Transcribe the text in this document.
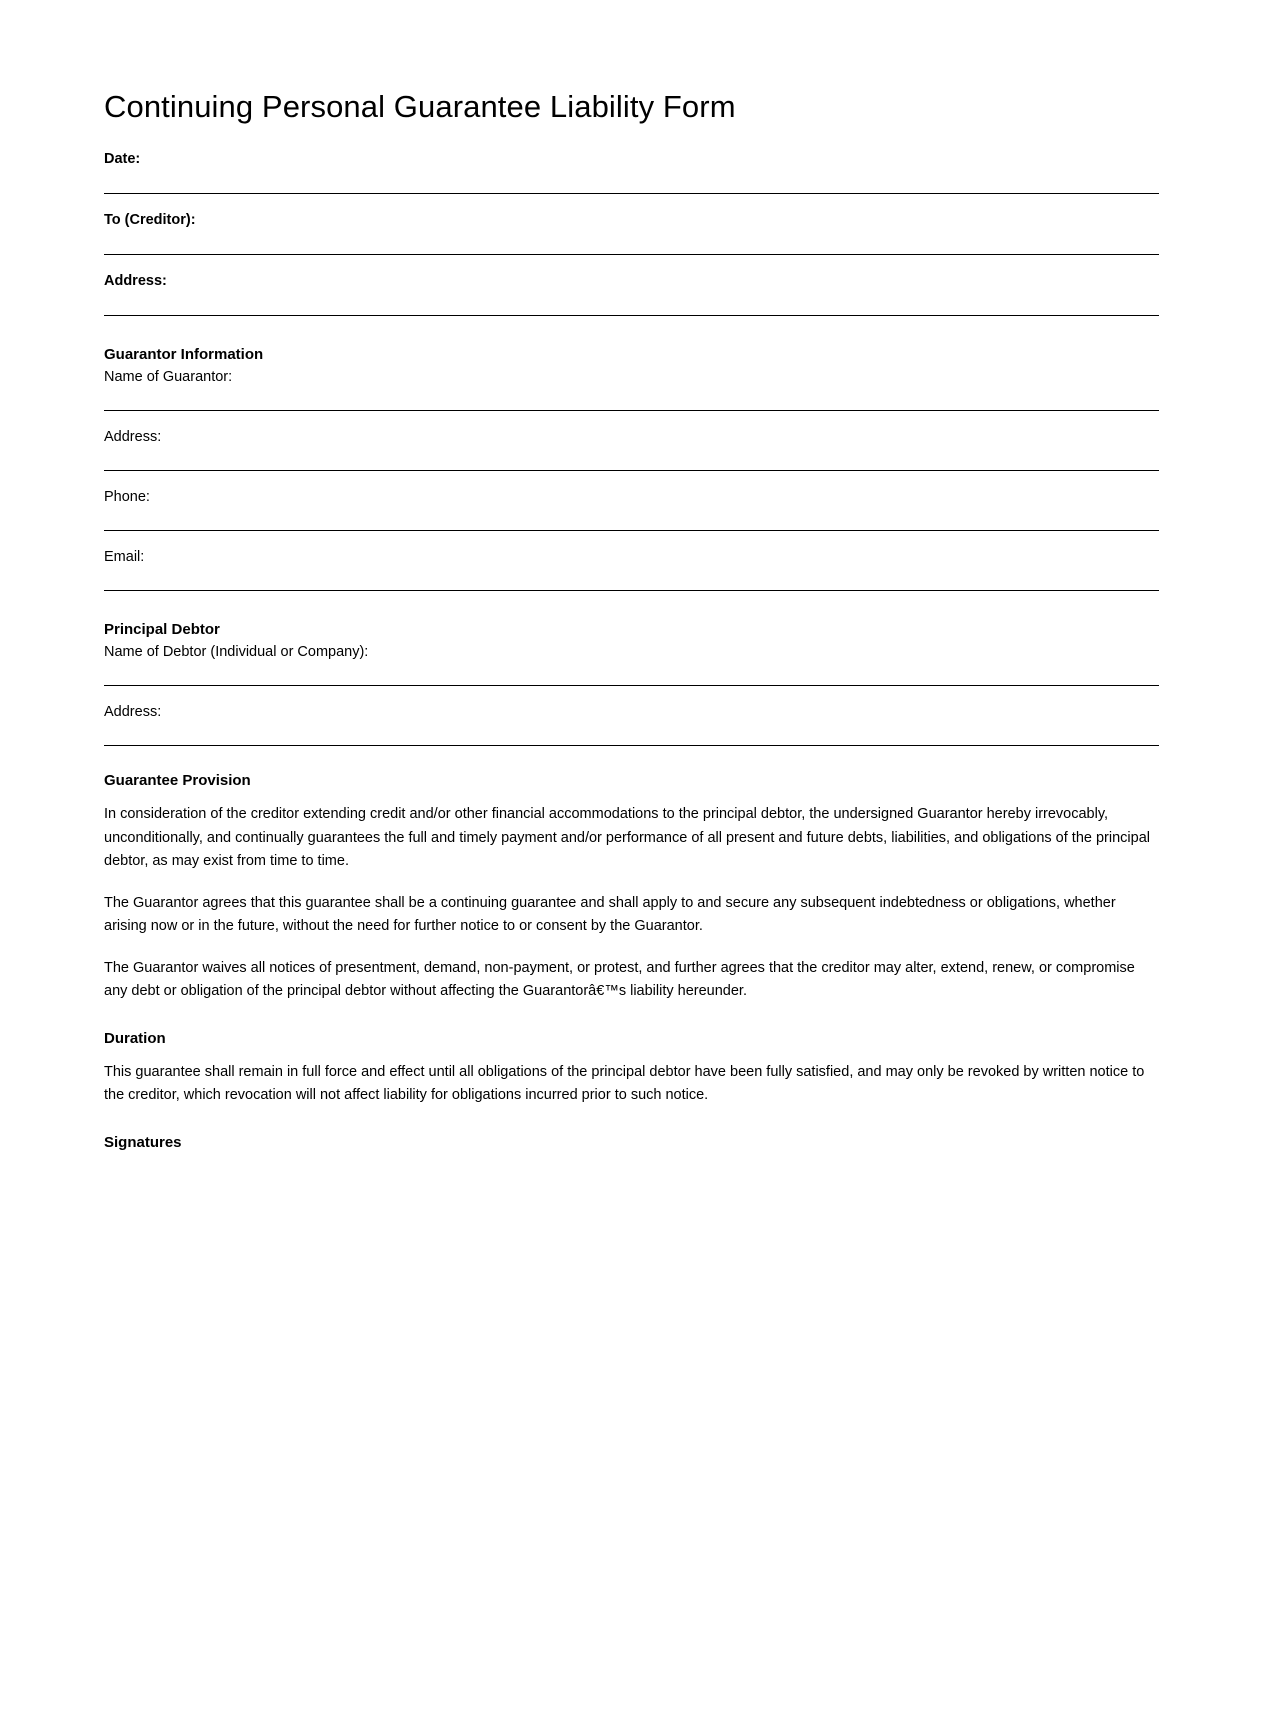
Continuing Personal Guarantee Liability Form
Date:
To (Creditor):
Address:
Guarantor Information
Name of Guarantor:
Address:
Phone:
Email:
Principal Debtor
Name of Debtor (Individual or Company):
Address:
Guarantee Provision

In consideration of the creditor extending credit and/or other financial accommodations to the principal debtor, the undersigned Guarantor hereby irrevocably, unconditionally, and continually guarantees the full and timely payment and/or performance of all present and future debts, liabilities, and obligations of the principal debtor, as may exist from time to time.

The Guarantor agrees that this guarantee shall be a continuing guarantee and shall apply to and secure any subsequent indebtedness or obligations, whether arising now or in the future, without the need for further notice to or consent by the Guarantor.

The Guarantor waives all notices of presentment, demand, non-payment, or protest, and further agrees that the creditor may alter, extend, renew, or compromise any debt or obligation of the principal debtor without affecting the Guarantorâ€™s liability hereunder.

Duration

This guarantee shall remain in full force and effect until all obligations of the principal debtor have been fully satisfied, and may only be revoked by written notice to the creditor, which revocation will not affect liability for obligations incurred prior to such notice.

Signatures
